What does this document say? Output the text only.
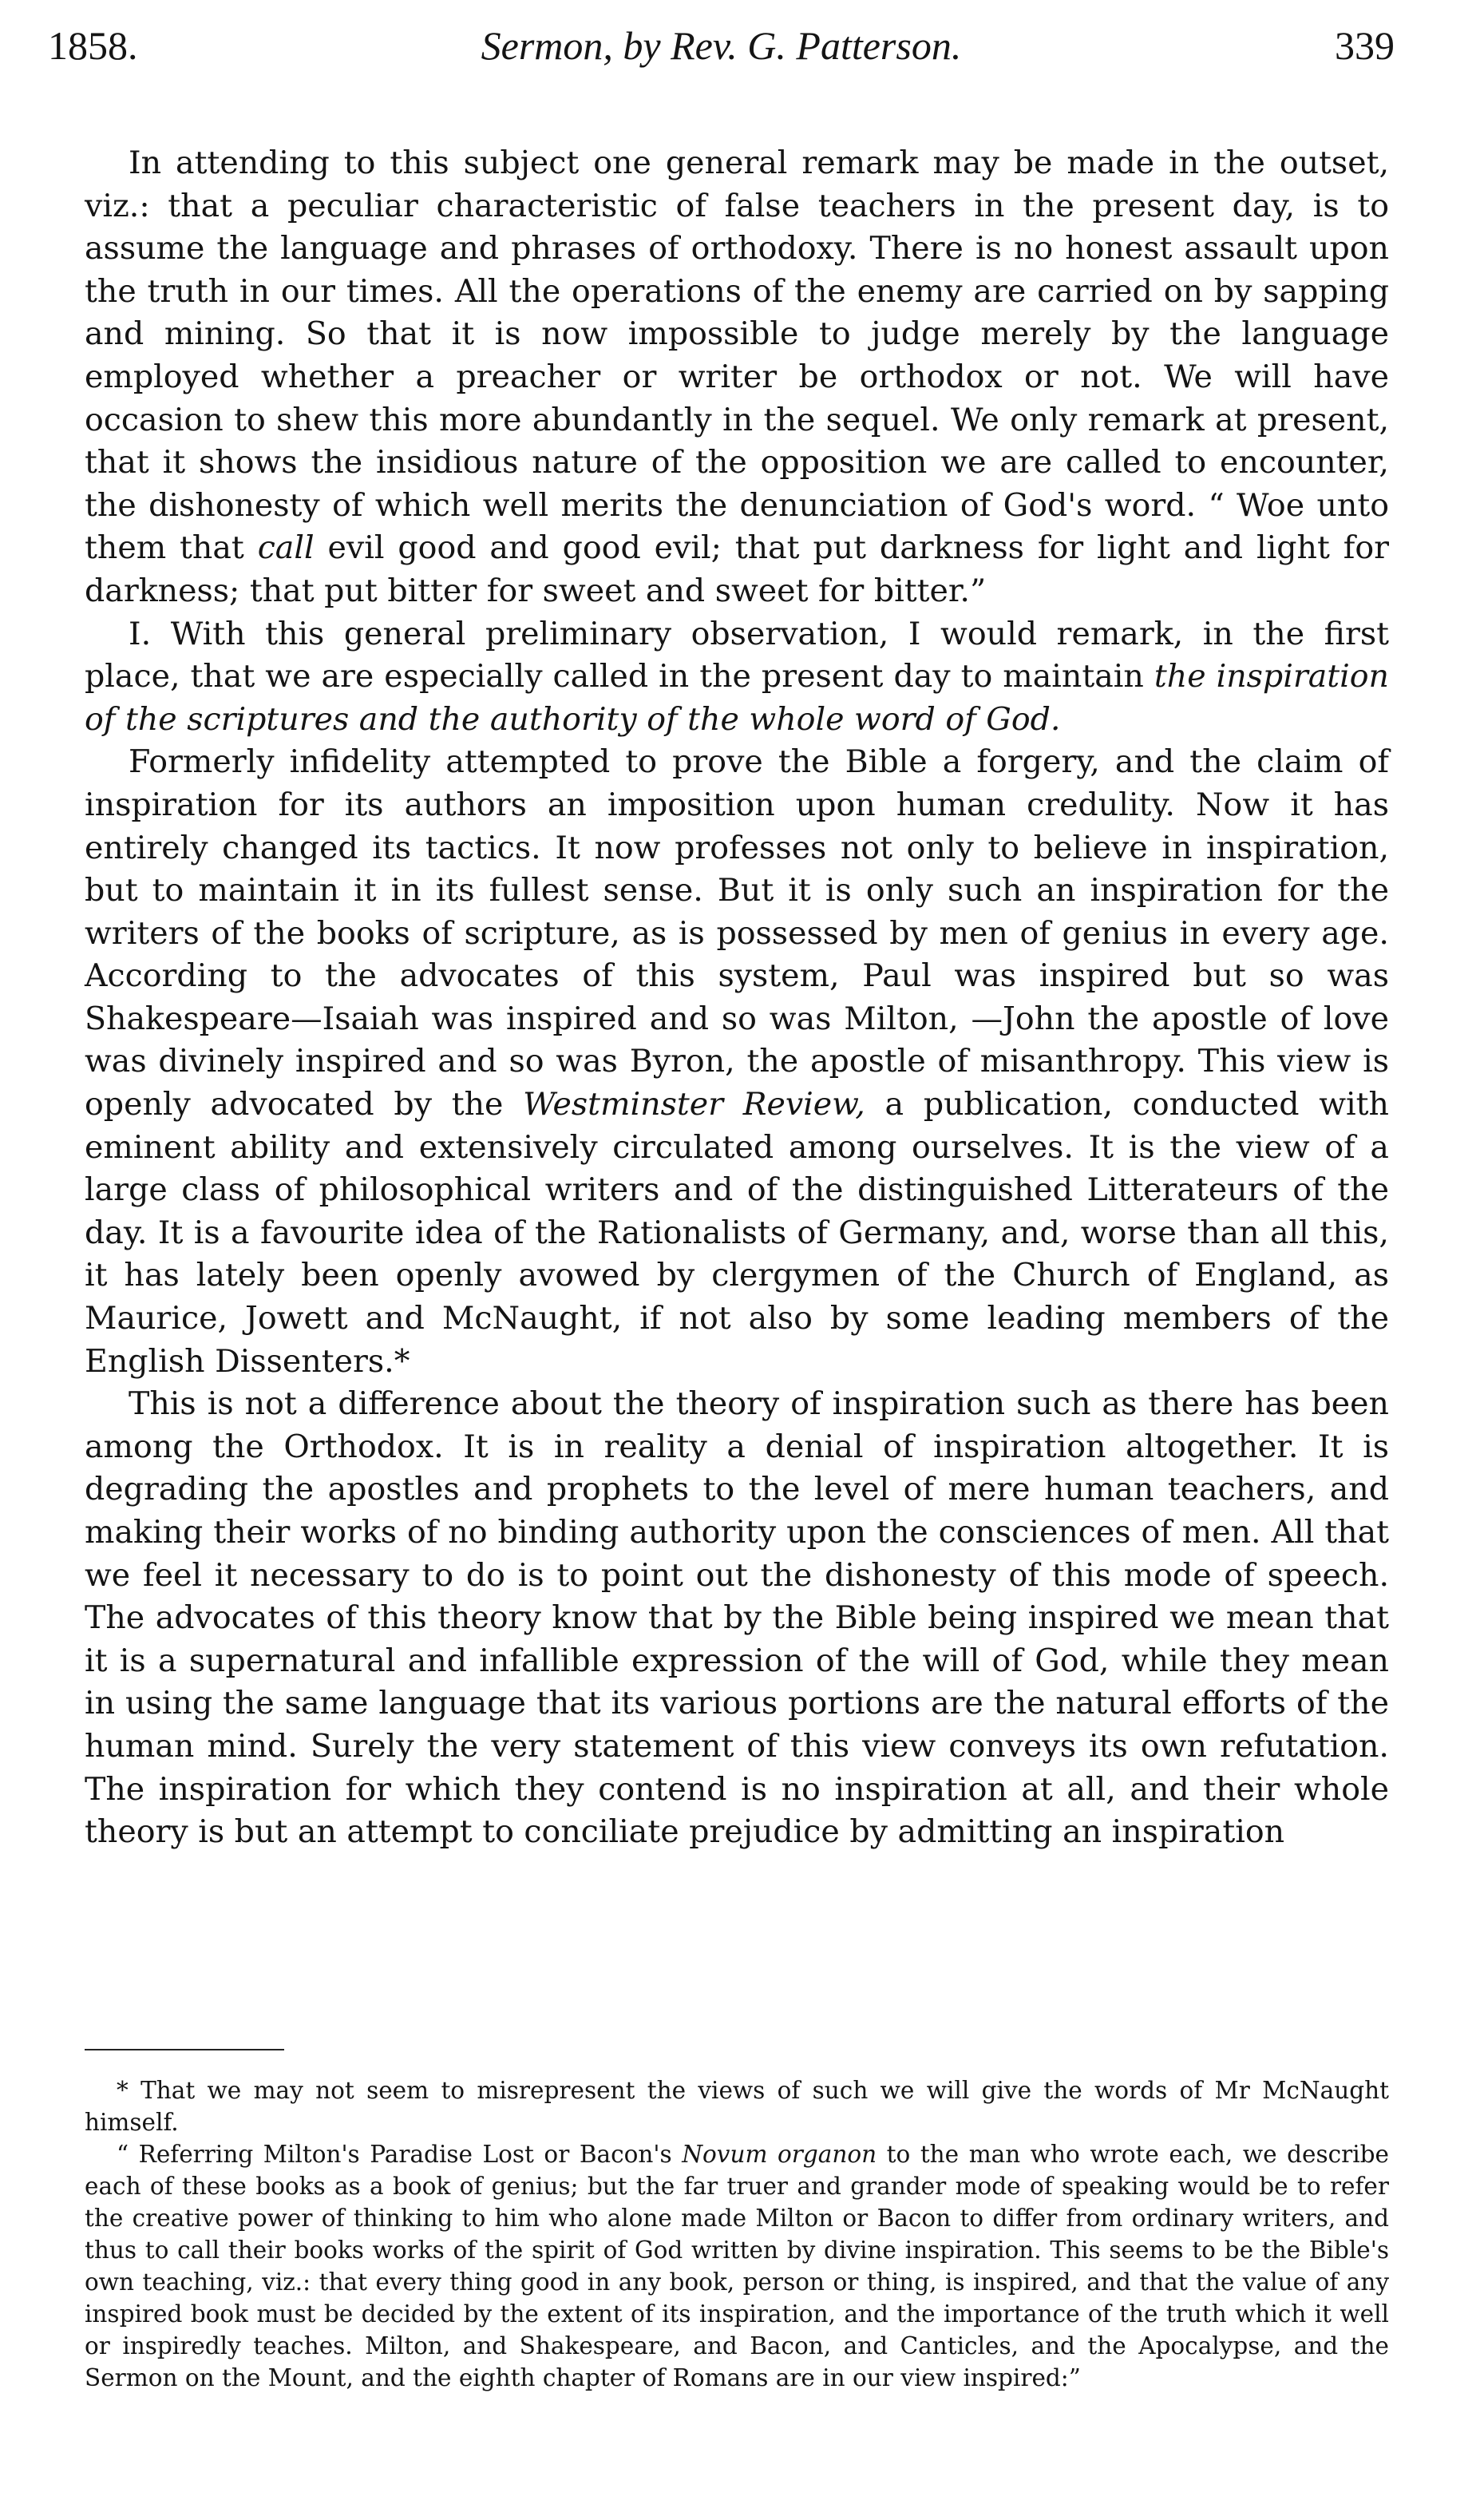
1858.	Sermon, by Rev. G. Patterson.	339

In attending to this subject one general remark may be made in the outset, viz.: that a peculiar characteristic of false teachers in the present day, is to assume the language and phrases of orthodoxy. There is no honest assault upon the truth in our times. All the operations of the enemy are carried on by sapping and mining. So that it is now impossible to judge merely by the language employed whether a preacher or writer be orthodox or not. We will have occasion to shew this more abundantly in the sequel. We only remark at present, that it shows the insidious nature of the opposition we are called to encounter, the dishonesty of which well merits the denunciation of God's word. “ Woe unto them that call evil good and good evil; that put darkness for light and light for darkness; that put bitter for sweet and sweet for bitter.”

I. With this general preliminary observation, I would remark, in the first place, that we are especially called in the present day to maintain the inspiration of the scriptures and the authority of the whole word of God.

Formerly infidelity attempted to prove the Bible a forgery, and the claim of inspiration for its authors an imposition upon human credulity. Now it has entirely changed its tactics. It now professes not only to believe in inspiration, but to maintain it in its fullest sense. But it is only such an inspiration for the writers of the books of scripture, as is possessed by men of genius in every age. According to the advocates of this system, Paul was inspired but so was Shakespeare—Isaiah was inspired and so was Milton, —John the apostle of love was divinely inspired and so was Byron, the apostle of misanthropy. This view is openly advocated by the Westminster Review, a publication, conducted with eminent ability and extensively circulated among ourselves. It is the view of a large class of philosophical writers and of the distinguished Litterateurs of the day. It is a favourite idea of the Rationalists of Germany, and, worse than all this, it has lately been openly avowed by clergymen of the Church of England, as Maurice, Jowett and McNaught, if not also by some leading members of the English Dissenters.*

This is not a difference about the theory of inspiration such as there has been among the Orthodox. It is in reality a denial of inspiration altogether. It is degrading the apostles and prophets to the level of mere human teachers, and making their works of no binding authority upon the consciences of men. All that we feel it necessary to do is to point out the dishonesty of this mode of speech. The advocates of this theory know that by the Bible being inspired we mean that it is a supernatural and infallible expression of the will of God, while they mean in using the same language that its various portions are the natural efforts of the human mind. Surely the very statement of this view conveys its own refutation. The inspiration for which they contend is no inspiration at all, and their whole theory is but an attempt to conciliate prejudice by admitting an inspiration

* That we may not seem to misrepresent the views of such we will give the words of Mr McNaught himself.

“ Referring Milton's Paradise Lost or Bacon's Novum organon to the man who wrote each, we describe each of these books as a book of genius; but the far truer and grander mode of speaking would be to refer the creative power of thinking to him who alone made Milton or Bacon to differ from ordinary writers, and thus to call their books works of the spirit of God written by divine inspiration. This seems to be the Bible's own teaching, viz.: that every thing good in any book, person or thing, is inspired, and that the value of any inspired book must be decided by the extent of its inspiration, and the importance of the truth which it well or inspiredly teaches. Milton, and Shakespeare, and Bacon, and Canticles, and the Apocalypse, and the Sermon on the Mount, and the eighth chapter of Romans are in our view inspired:”
